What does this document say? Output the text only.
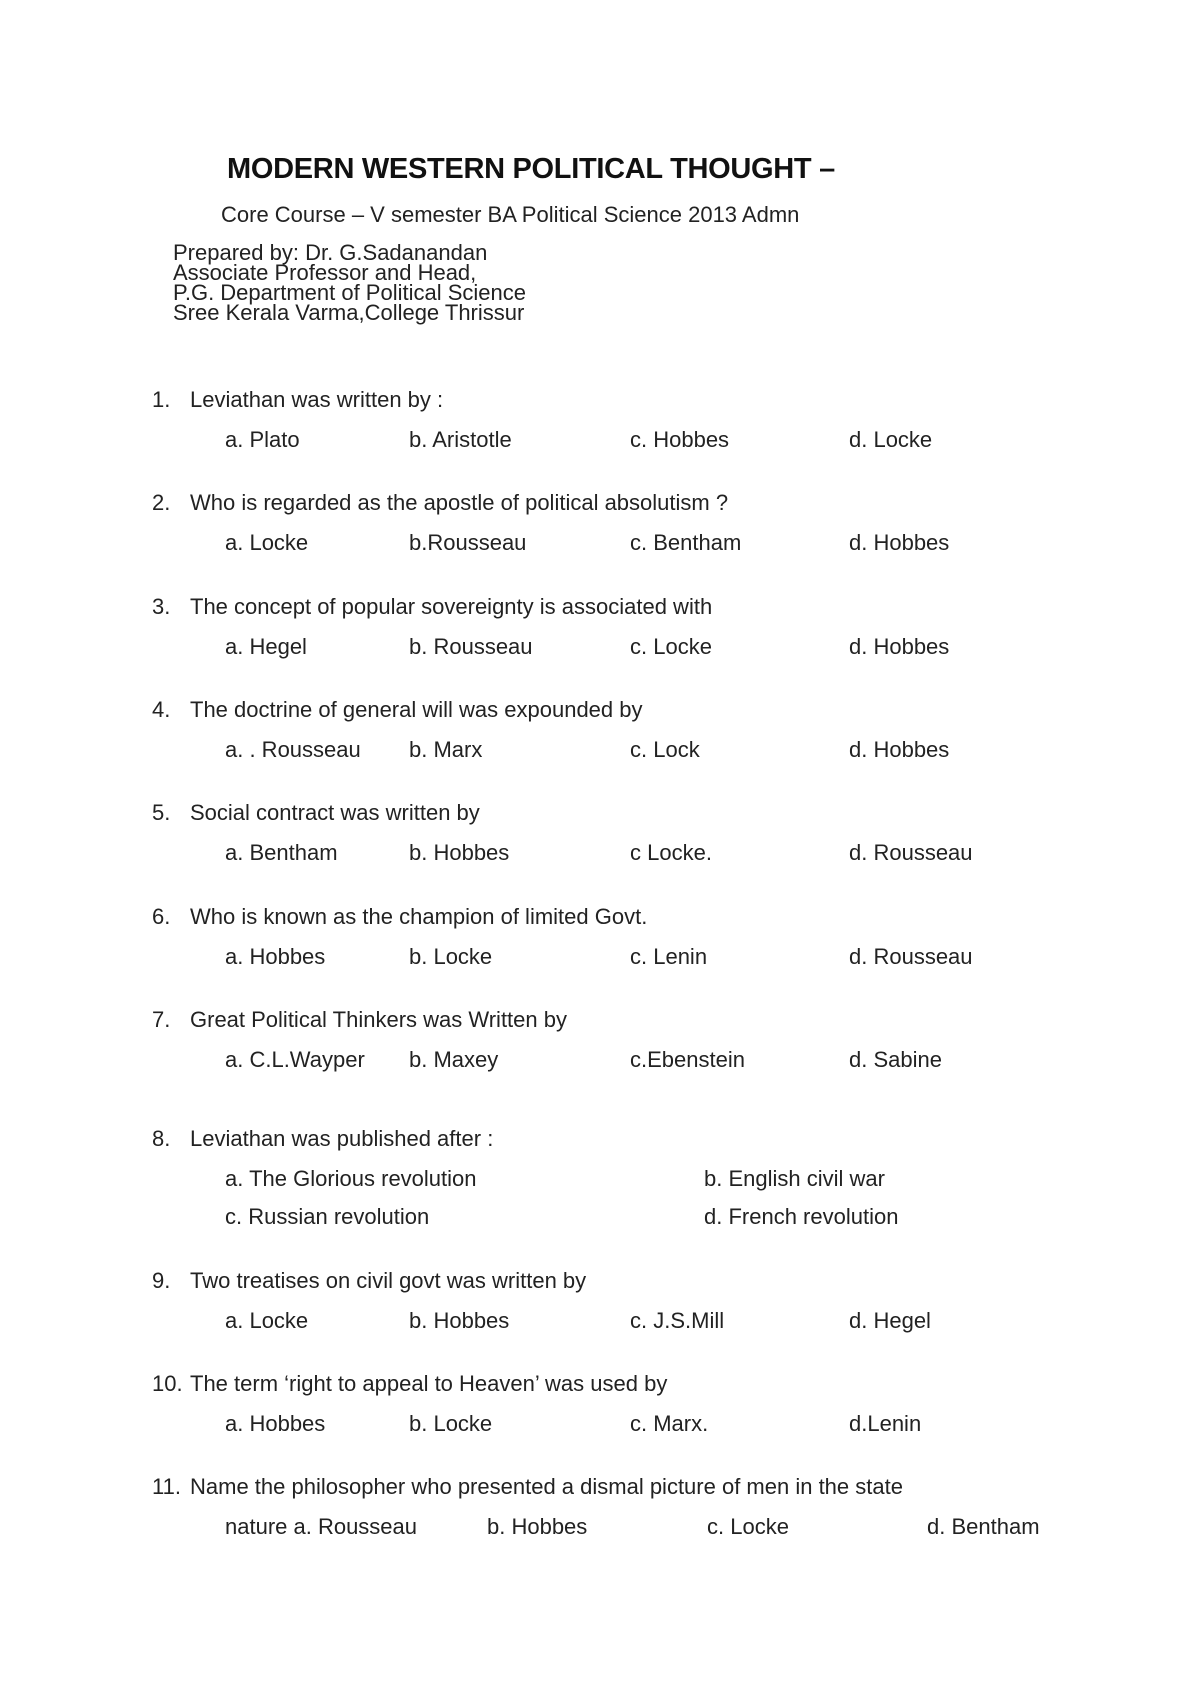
MODERN WESTERN POLITICAL THOUGHT –
Core Course – V semester BA Political Science 2013 Admn
Prepared by: Dr. G.Sadanandan
Associate Professor and Head,
P.G. Department of Political Science
Sree Kerala Varma,College Thrissur
1. Leviathan was written by :
a. Plato	b. Aristotle	c. Hobbes	d. Locke
2. Who is regarded as the apostle of political absolutism ?
a. Locke	b.Rousseau	c. Bentham	d. Hobbes
3. The concept of popular sovereignty is associated with
a. Hegel	b. Rousseau	c. Locke	d. Hobbes
4. The doctrine of general will was expounded by
a. . Rousseau b. Marx	c. Lock	d. Hobbes
5. Social contract was written by
a. Bentham	b. Hobbes	c Locke.	d. Rousseau
6. Who is known as the champion of limited Govt.
a. Hobbes	b. Locke	c. Lenin	d. Rousseau
7. Great Political Thinkers was Written by
a. C.L.Wayper b. Maxey	c.Ebenstein	d. Sabine
8. Leviathan was published after :
a. The Glorious revolution	b. English civil war
c. Russian revolution	d. French revolution
9. Two treatises on civil govt was written by
a. Locke	b. Hobbes	c. J.S.Mill	d. Hegel
10. The term ‘right to appeal to Heaven’ was used by
a. Hobbes	b. Locke	c. Marx.	d.Lenin
11. Name the philosopher who presented a dismal picture of men in the state
nature a. Rousseau	b. Hobbes	c. Locke	d. Bentham
